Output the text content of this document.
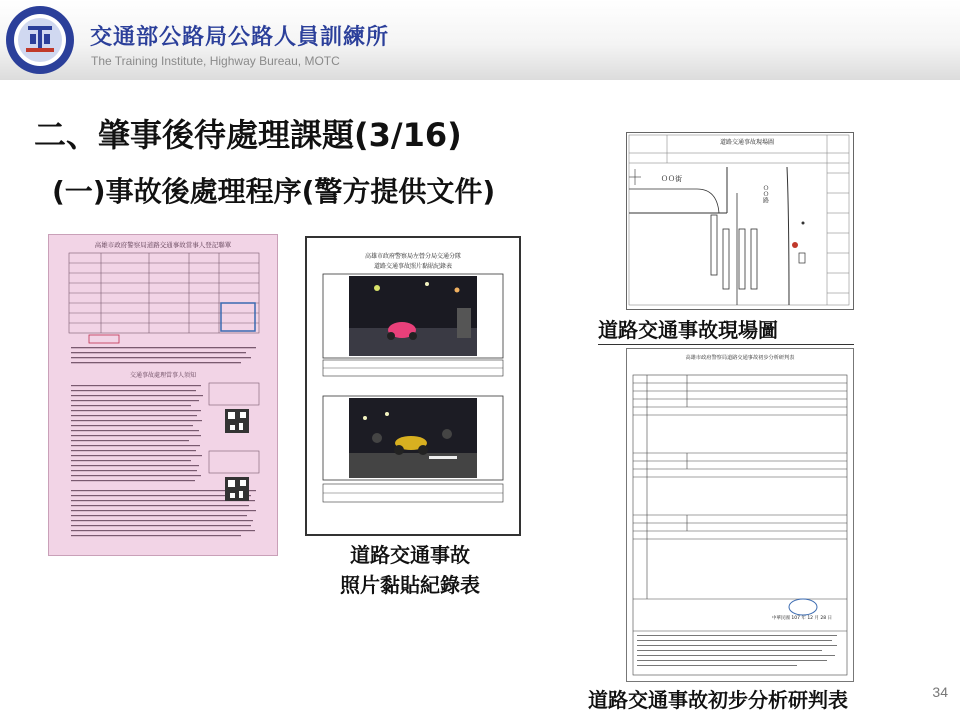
交通部公路局公路人員訓練所
The Training Institute, Highway Bureau, MOTC
二、肇事後待處理課題(3/16)
(一)事故後處理程序(警方提供文件)
高雄市政府警察局道路交通事故當事人登記聯單
交通事故處理當事人須知
高雄市政府警察局左營分局交通分隊
道路交通事故照片黏貼紀錄表
道路交通事故
照片黏貼紀錄表
道路交通事故現場圖
ＯＯ街
ＯＯ路
道路交通事故現場圖
高雄市政府警察局道路交通事故初步分析研判表
中華民國 107 年 12 月 28 日
道路交通事故初步分析研判表	34
